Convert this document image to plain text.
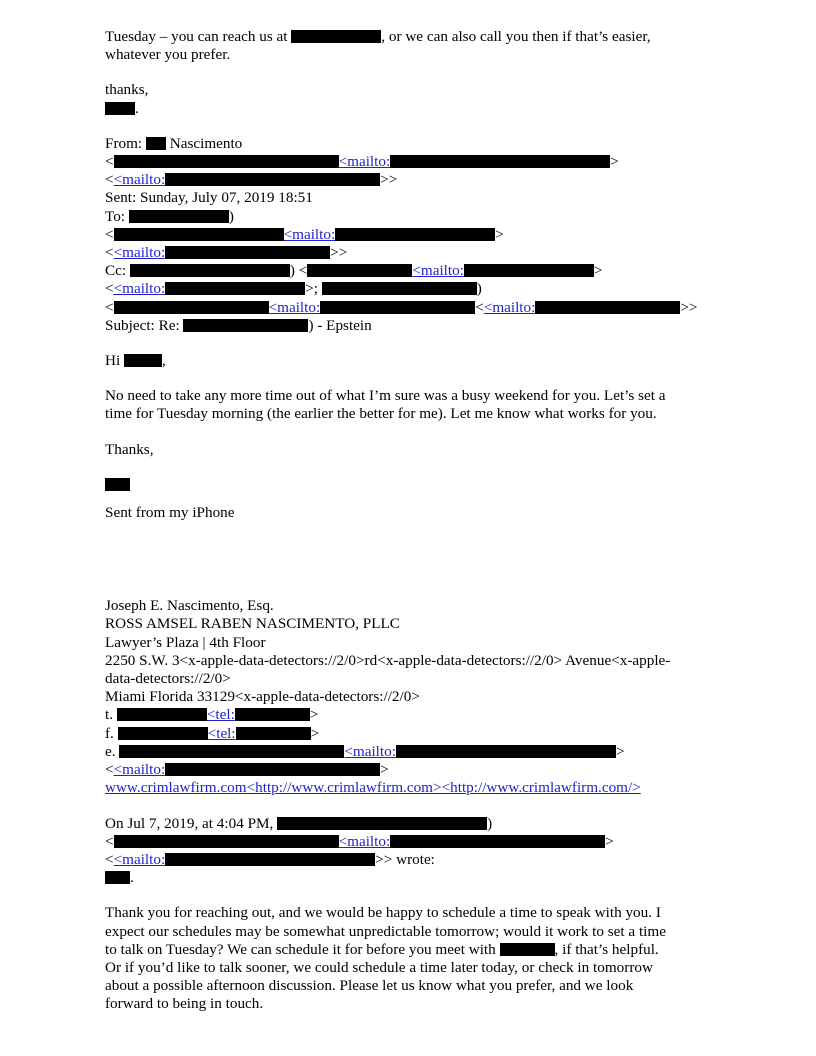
Tuesday – you can reach us at	, or we can also call you then if that’s easier,
whatever you prefer.

thanks,
.

From: Nascimento
<	<mailto:	>
<<mailto:	>>
Sent: Sunday, July 07, 2019 18:51
To:	)
<	<mailto:	>
<<mailto:	>>
Cc:	) <	<mailto:	>
<<mailto:	>;	)
<	<mailto:	<<mailto:	>>
Subject: Re:	) - Epstein

Hi	,

No need to take any more time out of what I’m sure was a busy weekend for you. Let’s set a
time for Tuesday morning (the earlier the better for me). Let me know what works for you.

Thanks,

Sent from my iPhone

Joseph E. Nascimento, Esq.
ROSS AMSEL RABEN NASCIMENTO, PLLC
Lawyer’s Plaza | 4th Floor
2250 S.W. 3<x-apple-data-detectors://2/0>rd<x-apple-data-detectors://2/0> Avenue<x-apple-
data-detectors://2/0>
Miami Florida 33129<x-apple-data-detectors://2/0>
t.	<tel:	>
f.	<tel:	>
e.	<mailto:	>
<<mailto:	>
www.crimlawfirm.com<http://www.crimlawfirm.com><http://www.crimlawfirm.com/>
On Jul 7, 2019, at 4:04 PM,	)
<	<mailto:	>
<<mailto:	>> wrote:
.

Thank you for reaching out, and we would be happy to schedule a time to speak with you. I
expect our schedules may be somewhat unpredictable tomorrow; would it work to set a time
to talk on Tuesday? We can schedule it for before you meet with	, if that’s helpful.
Or if you’d like to talk sooner, we could schedule a time later today, or check in tomorrow
about a possible afternoon discussion. Please let us know what you prefer, and we look
forward to being in touch.
